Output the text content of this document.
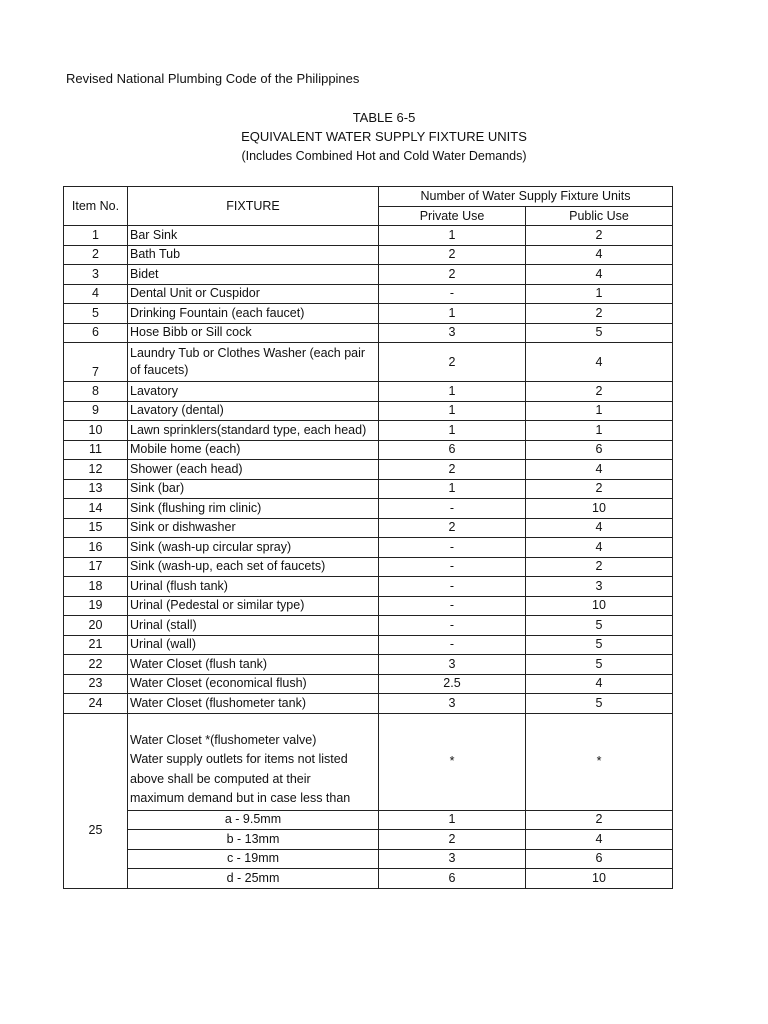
Revised National Plumbing Code of the Philippines
TABLE 6-5
EQUIVALENT WATER SUPPLY FIXTURE UNITS
(Includes Combined Hot and Cold Water Demands)
Item No.	FIXTURE	Number of Water Supply Fixture Units	
		Private Use	Public Use
1	Bar Sink	1	2
2	Bath Tub	2	4
3	Bidet	2	4
4	Dental Unit or Cuspidor	-	1
5	Drinking Fountain (each faucet)	1	2
6	Hose Bibb or Sill cock	3	5
7	Laundry Tub or Clothes Washer (each pair
of faucets)	2	4
8	Lavatory	1	2
9	Lavatory (dental)	1	1
10	Lawn sprinklers(standard type, each head)	1	1
11	Mobile home (each)	6	6
12	Shower (each head)	2	4
13	Sink (bar)	1	2
14	Sink (flushing rim clinic)	-	10
15	Sink or dishwasher	2	4
16	Sink (wash-up circular spray)	-	4
17	Sink (wash-up, each set of faucets)	-	2
18	Urinal (flush tank)	-	3
19	Urinal (Pedestal or similar type)	-	10
20	Urinal (stall)	-	5
21	Urinal (wall)	-	5
22	Water Closet (flush tank)	3	5
23	Water Closet (economical flush)	2.5	4
24	Water Closet (flushometer tank)	3	5
25	Water Closet *(flushometer valve)
Water supply outlets for items not listed
above shall be computed at their
maximum demand but in case less than	*	*
	a - 9.5mm	1	2
	b - 13mm	2	4
	c - 19mm	3	6
	d - 25mm	6	10
